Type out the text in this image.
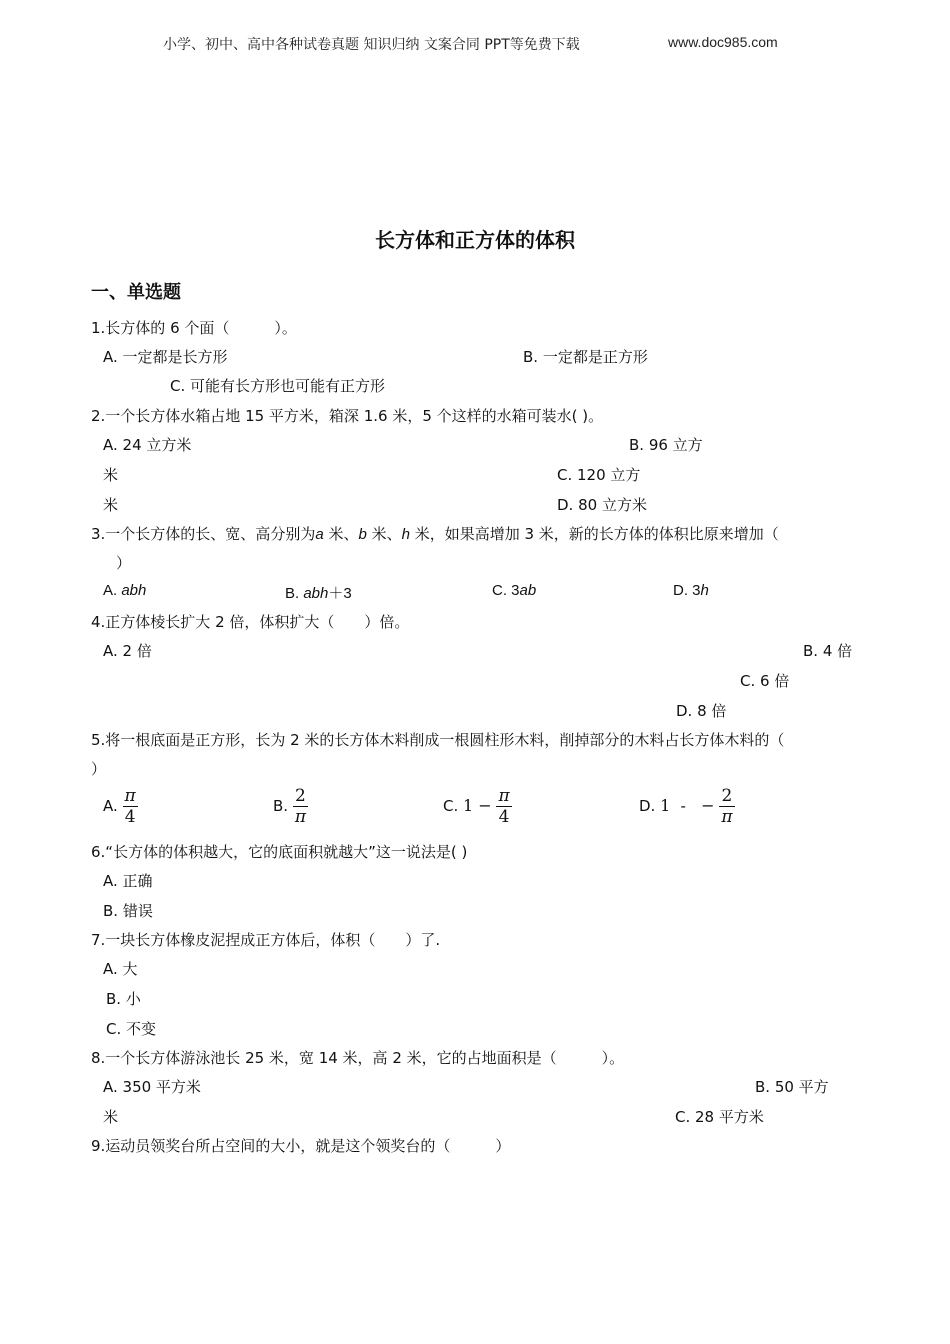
小学、初中、高中各种试卷真题 知识归纳 文案合同 PPT等免费下载	www.doc985.com
长方体和正方体的体积
一、单选题
1.长方体的 6 个面（　　　）。
A. 一定都是长方形	B. 一定都是正方形
C. 可能有长方形也可能有正方形
2.一个长方体水箱占地 15 平方米，箱深 1.6 米，5 个这样的水箱可装水( )。
A. 24 立方米	B. 96 立方
米	C. 120 立方
米	D. 80 立方米
3.一个长方体的长、宽、高分别为a 米、b 米、h 米，如果高增加 3 米，新的长方体的体积比原来增加（
）
A. abh	B. abh＋3	C. 3ab	D. 3h
4.正方体棱长扩大 2 倍，体积扩大（　　）倍。
A. 2 倍	B. 4 倍
C. 6 倍
D. 8 倍
5.将一根底面是正方形，长为 2 米的长方体木料削成一根圆柱形木料，削掉部分的木料占长方体木料的（
）
A. $\frac{\pi}{4}$	B. $\frac{2}{\pi}$	C. $1 - \frac{\pi}{4}$	D. 1  -   − $\frac{2}{\pi}$
6.“长方体的体积越大，它的底面积就越大”这一说法是( )
A. 正确
B. 错误
7.一块长方体橡皮泥捏成正方体后，体积（　　）了.
A. 大
B. 小
C. 不变
8.一个长方体游泳池长 25 米，宽 14 米，高 2 米，它的占地面积是（　　　）。
A. 350 平方米	B. 50 平方
米	C. 28 平方米
9.运动员领奖台所占空间的大小，就是这个领奖台的（　　　）
